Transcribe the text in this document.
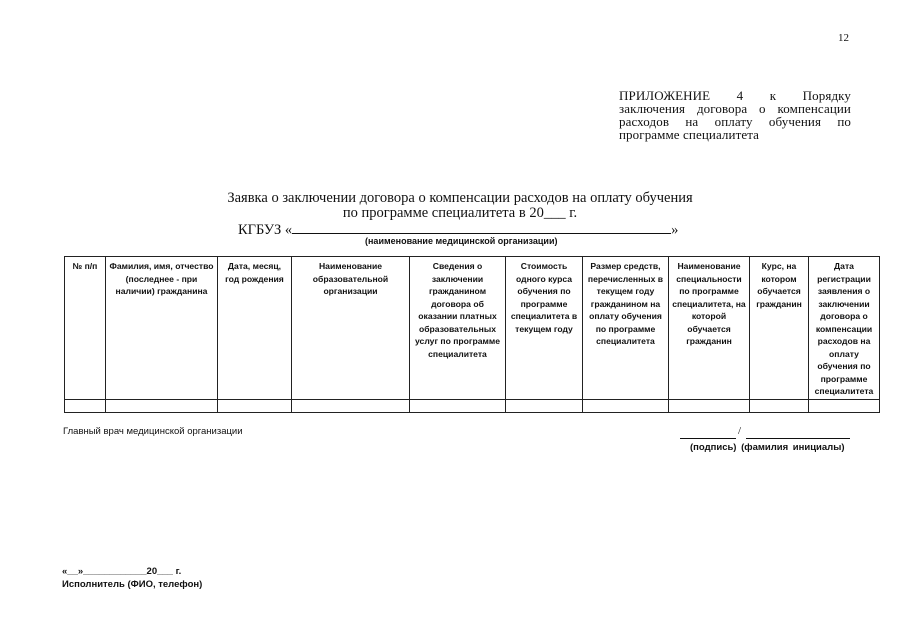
12
ПРИЛОЖЕНИЕ 4 к Порядку заключения договора о компенсации расходов на оплату обучения по программе специалитета
Заявка о заключении договора о компенсации расходов на оплату обучения
по программе специалитета в 20___ г.
КГБУЗ «	»
(наименование медицинской организации)
№ п/п	Фамилия, имя, отчество (последнее - при наличии) гражданина	Дата, месяц, год рождения	Наименование образовательной организации	Сведения о заключении гражданином договора об оказании платных образовательных услуг по программе специалитета	Стоимость одного курса обучения по программе специалитета в текущем году	Размер средств, перечисленных в текущем году гражданином на оплату обучения по программе специалитета	Наименование специальности по программе специалитета, на которой обучается гражданин	Курс, на котором обучается гражданин	Дата регистрации заявления о заключении договора о компенсации расходов на оплату обучения по программе специалитета

Главный врач медицинской организации	/
(подпись) (фамилия инициалы)
«__»____________20___ г.
Исполнитель (ФИО, телефон)
